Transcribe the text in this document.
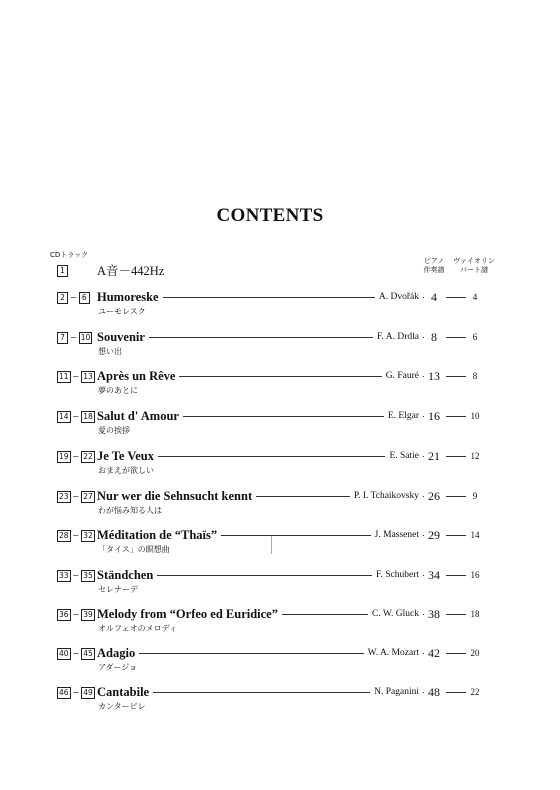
CONTENTS
CDトラック
ピアノ
伴奏譜
ヴァイオリン
パート譜
1	A音－442Hz
2 ~ 6 Humoreske	A. Dvořák	4	4
ユーモレスク
7 ~ 10 Souvenir	F. A. Drdla	8	6
想い出
11 ~ 13 Après un Rêve	G. Fauré 13	8
夢のあとに
14 ~ 18 Salut d' Amour	E. Elgar 16	10
愛の挨拶
19 ~ 22 Je Te Veux	E. Satie 21	12
おまえが欲しい
23 ~ 27 Nur wer die Sehnsucht kennt	P. I. Tchaikovsky 26	9
わが悩み知る人は
28 ~ 32 Méditation de “Thaïs”	J. Massenet 29	14
「タイス」の瞑想曲
33 ~ 35 Ständchen	F. Schubert 34	16
セレナーデ
36 ~ 39 Melody from “Orfeo ed Euridice”	C. W. Gluck 38	18
オルフェオのメロディ
40 ~ 45 Adagio	W. A. Mozart 42	20
アダージョ
46 ~ 49 Cantabile	N. Paganini 48	22
カンタービレ
